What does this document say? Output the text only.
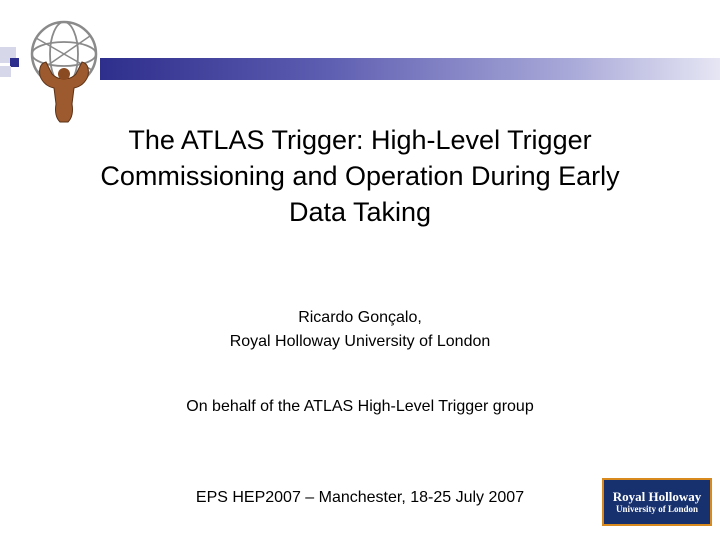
The ATLAS Trigger: High-Level Trigger
Commissioning and Operation During Early
Data Taking
Ricardo Gonçalo,
Royal Holloway University of London
On behalf of the ATLAS High-Level Trigger group
EPS HEP2007 – Manchester, 18-25 July 2007	Royal Holloway
University of London
